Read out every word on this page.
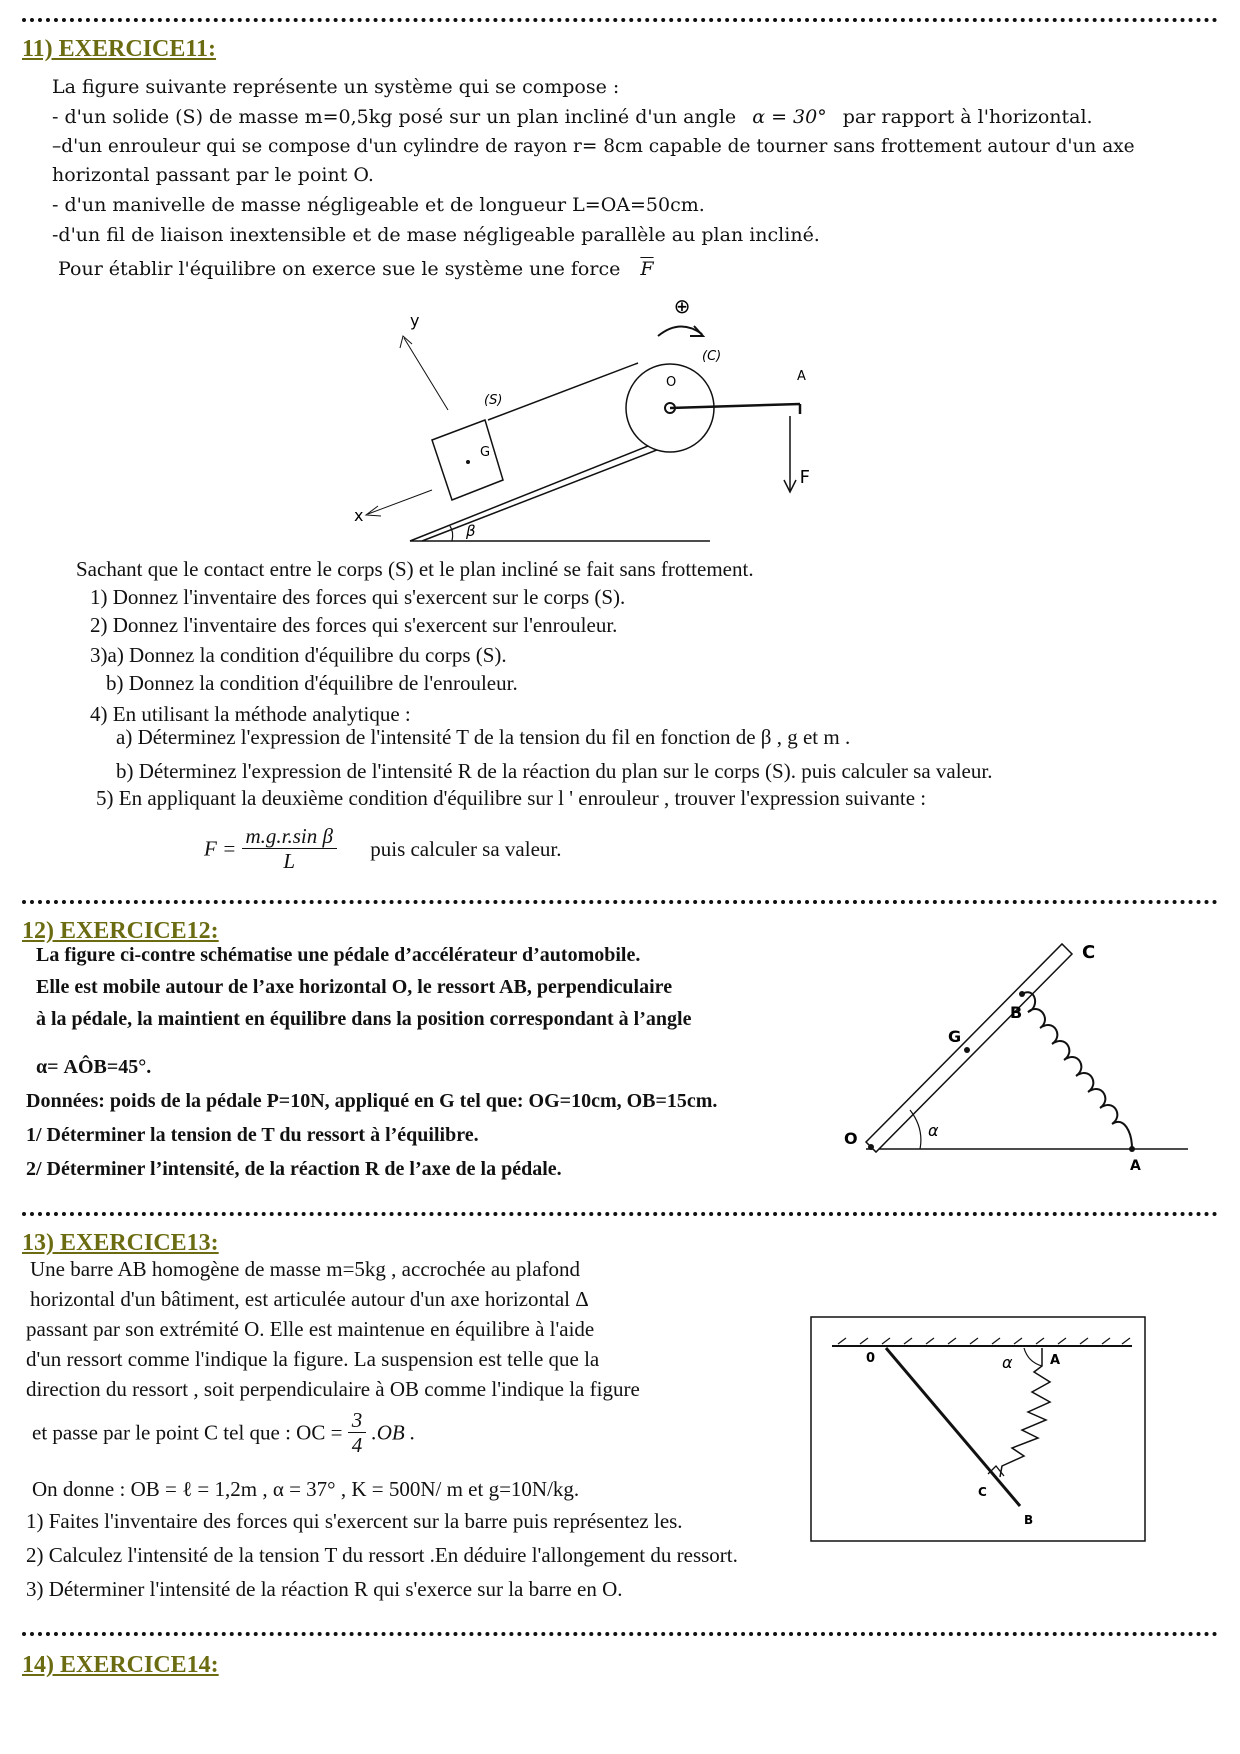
11) EXERCICE11:
La figure suivante représente un système qui se compose :
- d'un solide (S) de masse m=0,5kg posé sur un plan incliné d'un angle α = 30° par rapport à l'horizontal.
–d'un enrouleur qui se compose d'un cylindre de rayon r= 8cm capable de tourner sans frottement autour d'un axe
horizontal passant par le point O.
- d'un manivelle de masse négligeable et de longueur L=OA=50cm.
-d'un fil de liaison inextensible et de mase négligeable parallèle au plan incliné.
Pour établir l'équilibre on exerce sue le système une force $\overline{F}$
⊕
G
F
A
O
(C)
(S)
y
x
β
Sachant que le contact entre le corps (S) et le plan incliné se fait sans frottement.
1) Donnez l'inventaire des forces qui s'exercent sur le corps (S).
2) Donnez l'inventaire des forces qui s'exercent sur l'enrouleur.
3)a) Donnez la condition d'équilibre du corps (S).
b) Donnez la condition d'équilibre de l'enrouleur.
4) En utilisant la méthode analytique :
a) Déterminez l'expression de l'intensité T de la tension du fil en fonction de β , g et m .
b) Déterminez l'expression de l'intensité R de la réaction du plan sur le corps (S). puis calculer sa valeur.
5) En appliquant la deuxième condition d'équilibre sur l ' enrouleur , trouver l'expression suivante :
$F = \frac{\text{m.g.r.sin β}}{L}$ puis calculer sa valeur.
12) EXERCICE12:
La figure ci-contre schématise une pédale d’accélérateur d’automobile.
Elle est mobile autour de l’axe horizontal O, le ressort AB, perpendiculaire
à la pédale, la maintient en équilibre dans la position correspondant à l’angle
α= AÔB=45°.
Données: poids de la pédale P=10N, appliqué en G tel que: OG=10cm, OB=15cm.
1/ Déterminer la tension de T du ressort à l’équilibre.
2/ Déterminer l’intensité, de la réaction R de l’axe de la pédale.
α
C
G
B
O
A
13) EXERCICE13:
Une barre AB homogène de masse m=5kg , accrochée au plafond
horizontal d'un bâtiment, est articulée autour d'un axe horizontal Δ
passant par son extrémité O. Elle est maintenue en équilibre à l'aide
d'un ressort comme l'indique la figure. La suspension est telle que la
direction du ressort , soit perpendiculaire à OB comme l'indique la figure
et passe par le point C tel que : OC = $\frac{3}{4} .OB$ .
On donne : OB = ℓ = 1,2m , α = 37° , K = 500N/ m et g=10N/kg.
1) Faites l'inventaire des forces qui s'exercent sur la barre puis représentez les.
2) Calculez l'intensité de la tension T du ressort .En déduire l'allongement du ressort.
3) Déterminer l'intensité de la réaction R qui s'exerce sur la barre en O.
α
0	A
C
B
14) EXERCICE14:
